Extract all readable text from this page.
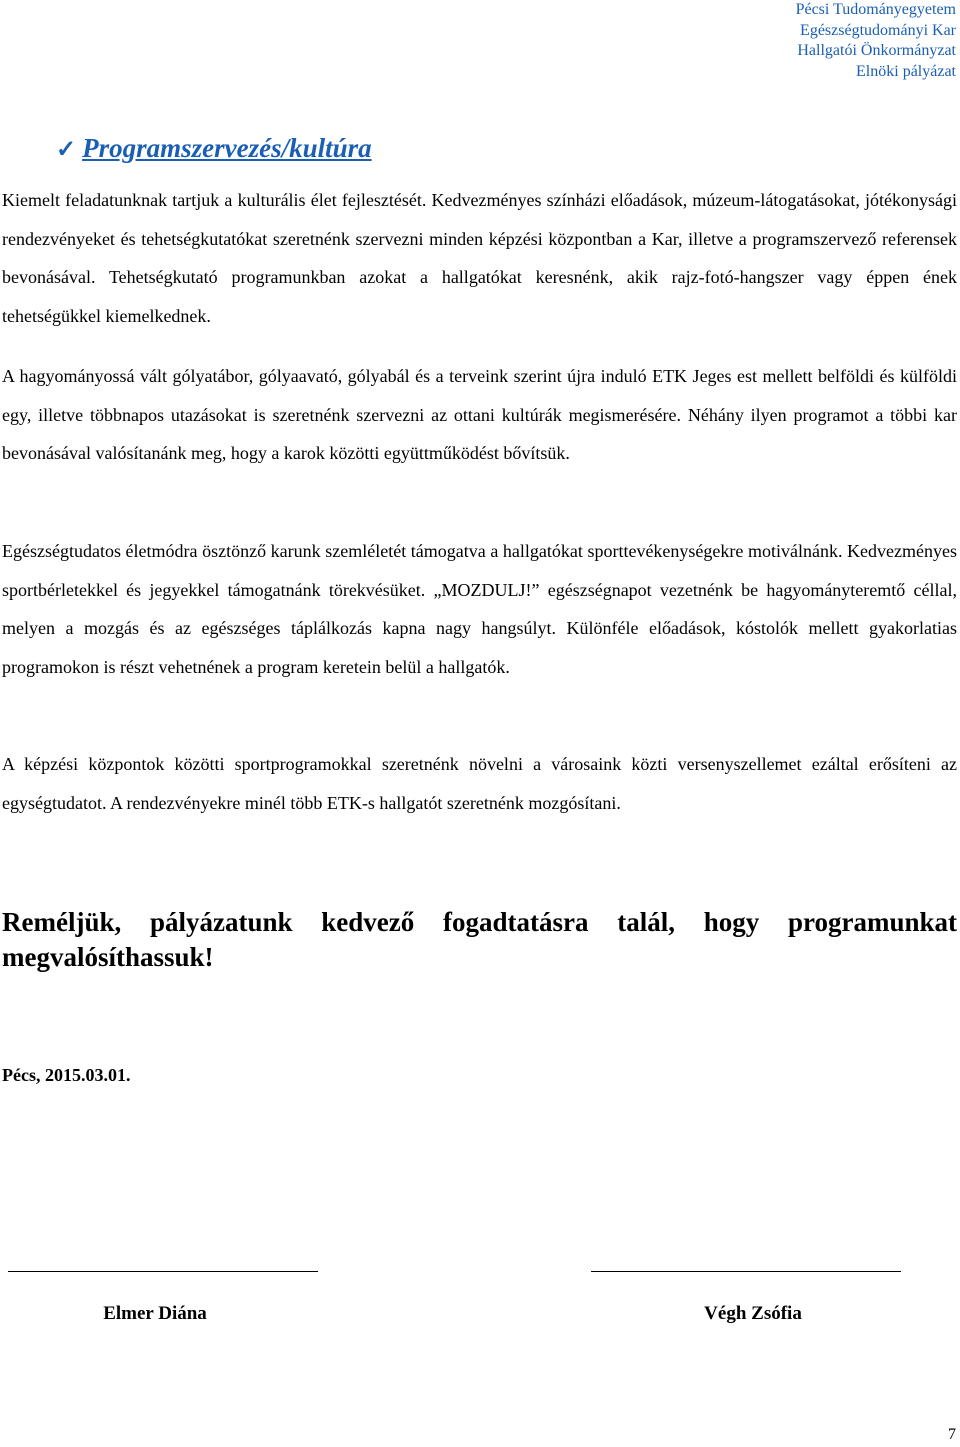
Pécsi Tudományegyetem
Egészségtudományi Kar
Hallgatói Önkormányzat
Elnöki pályázat
✓ Programszervezés/kultúra

Kiemelt feladatunknak tartjuk a kulturális élet fejlesztését. Kedvezményes színházi előadások, múzeum-látogatásokat, jótékonysági rendezvényeket és tehetségkutatókat szeretnénk szervezni minden képzési központban a Kar, illetve a programszervező referensek bevonásával. Tehetségkutató programunkban azokat a hallgatókat keresnénk, akik rajz-fotó-hangszer vagy éppen ének tehetségükkel kiemelkednek.

A hagyományossá vált gólyatábor, gólyaavató, gólyabál és a terveink szerint újra induló ETK Jeges est mellett belföldi és külföldi egy, illetve többnapos utazásokat is szeretnénk szervezni az ottani kultúrák megismerésére. Néhány ilyen programot a többi kar bevonásával valósítanánk meg, hogy a karok közötti együttműködést bővítsük.

Egészségtudatos életmódra ösztönző karunk szemléletét támogatva a hallgatókat sporttevékenységekre motiválnánk. Kedvezményes sportbérletekkel és jegyekkel támogatnánk törekvésüket. „MOZDULJ!” egészségnapot vezetnénk be hagyományteremtő céllal, melyen a mozgás és az egészséges táplálkozás kapna nagy hangsúlyt. Különféle előadások, kóstolók mellett gyakorlatias programokon is részt vehetnének a program keretein belül a hallgatók.

A képzési központok közötti sportprogramokkal szeretnénk növelni a városaink közti versenyszellemet ezáltal erősíteni az egységtudatot. A rendezvényekre minél több ETK-s hallgatót szeretnénk mozgósítani.

Reméljük, pályázatunk kedvező fogadtatásra talál, hogy programunkat megvalósíthassuk!
Pécs, 2015.03.01.
Elmer Diána	Végh Zsófia
7
